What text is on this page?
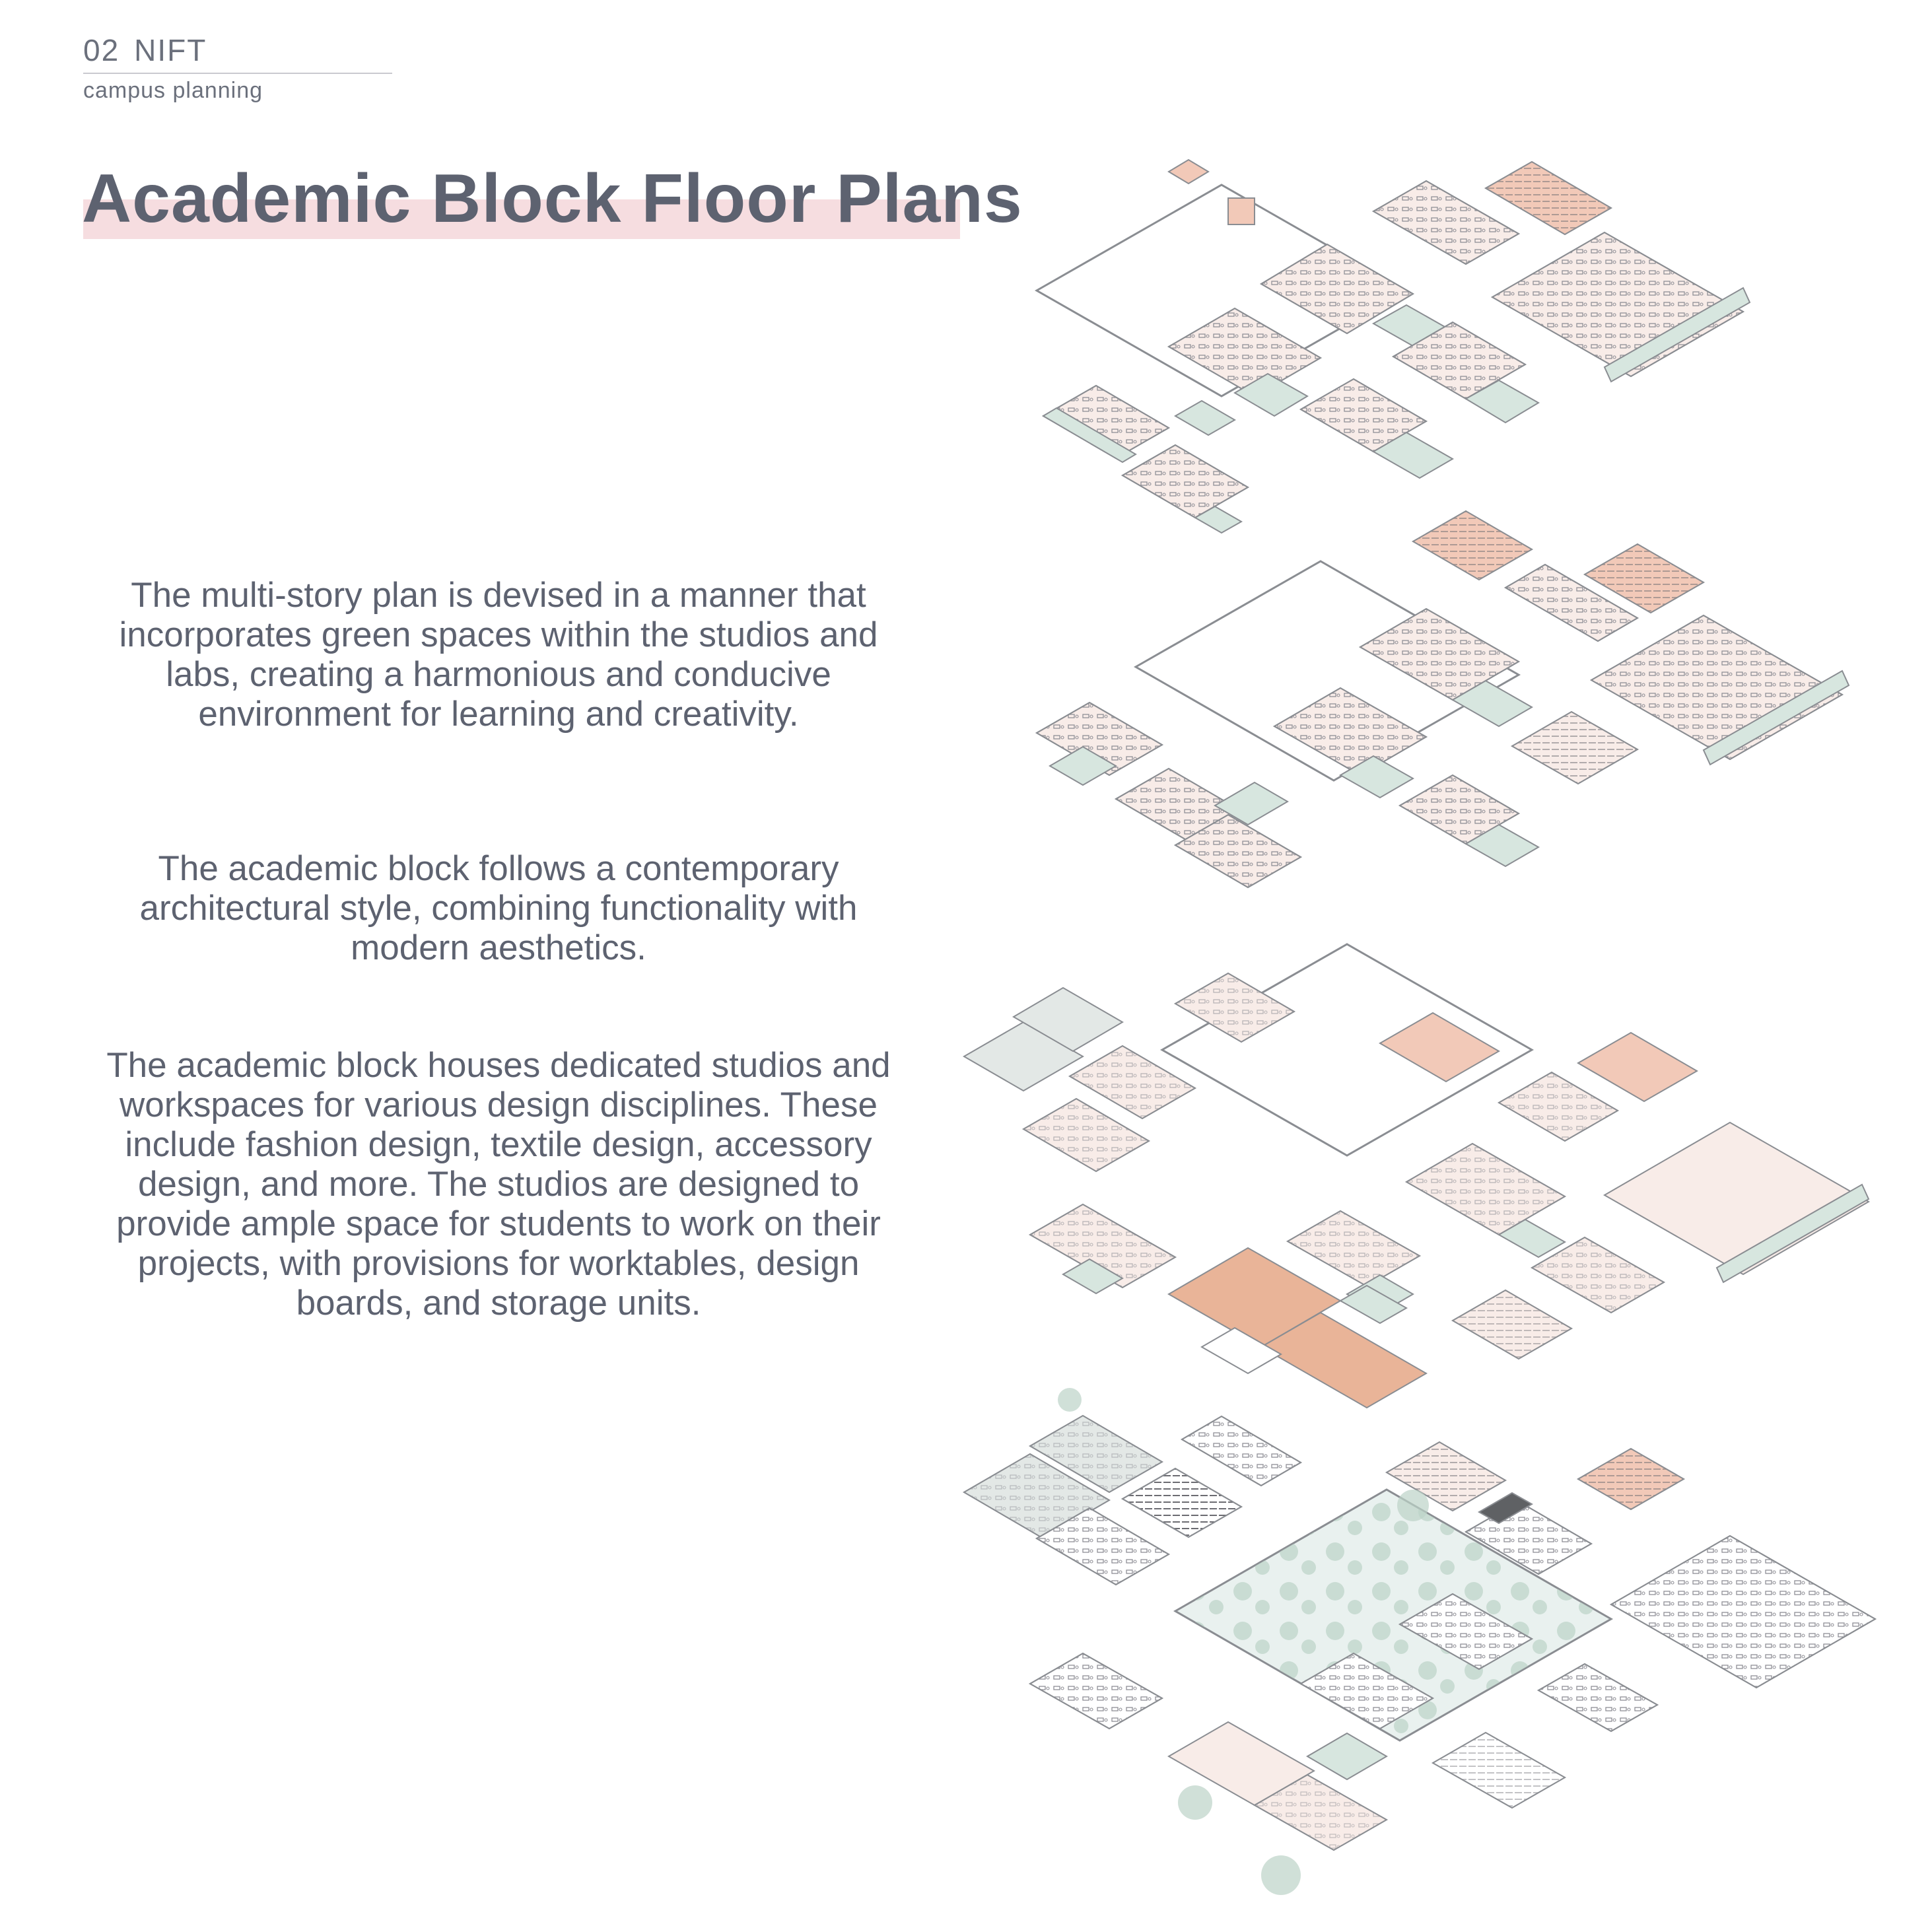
02 NIFT
campus planning
Academic Block Floor Plans
The multi-story plan is devised in a manner that incorporates green spaces within the studios and labs, creating a harmonious and conducive environment for learning and creativity.
The academic block follows a contemporary architectural style, combining functionality with modern aesthetics.
The academic block houses dedicated studios and workspaces for various design disciplines. These include fashion design, textile design, accessory design, and more. The studios are designed to provide ample space for students to work on their projects, with provisions for worktables, design boards, and storage units.
